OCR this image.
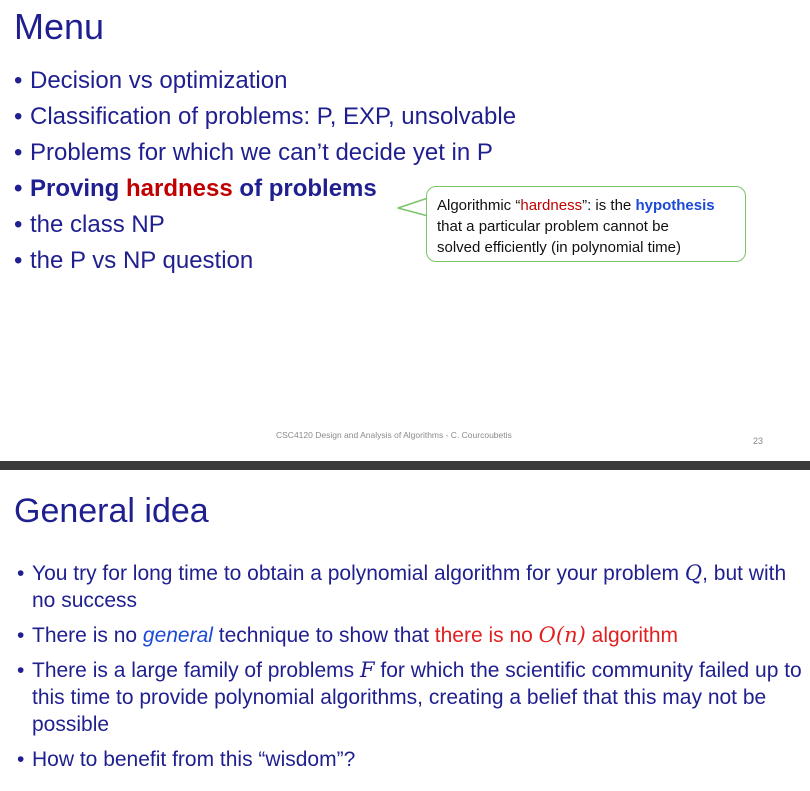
Menu
• Decision vs optimization
• Classification of problems: P, EXP, unsolvable
• Problems for which we can’t decide yet in P
• Proving hardness of problems
• the class NP
• the P vs NP question
Algorithmic “hardness”: is the hypothesis
that a particular problem cannot be
solved efficiently (in polynomial time)
CSC4120 Design and Analysis of Algorithms - C. Courcoubetis
23
General idea
• You try for long time to obtain a polynomial algorithm for your problem Q, but with no success
• There is no general technique to show that there is no O(n) algorithm
• There is a large family of problems F for which the scientific community failed up to this time to provide polynomial algorithms, creating a belief that this may not be possible
• How to benefit from this “wisdom”?
